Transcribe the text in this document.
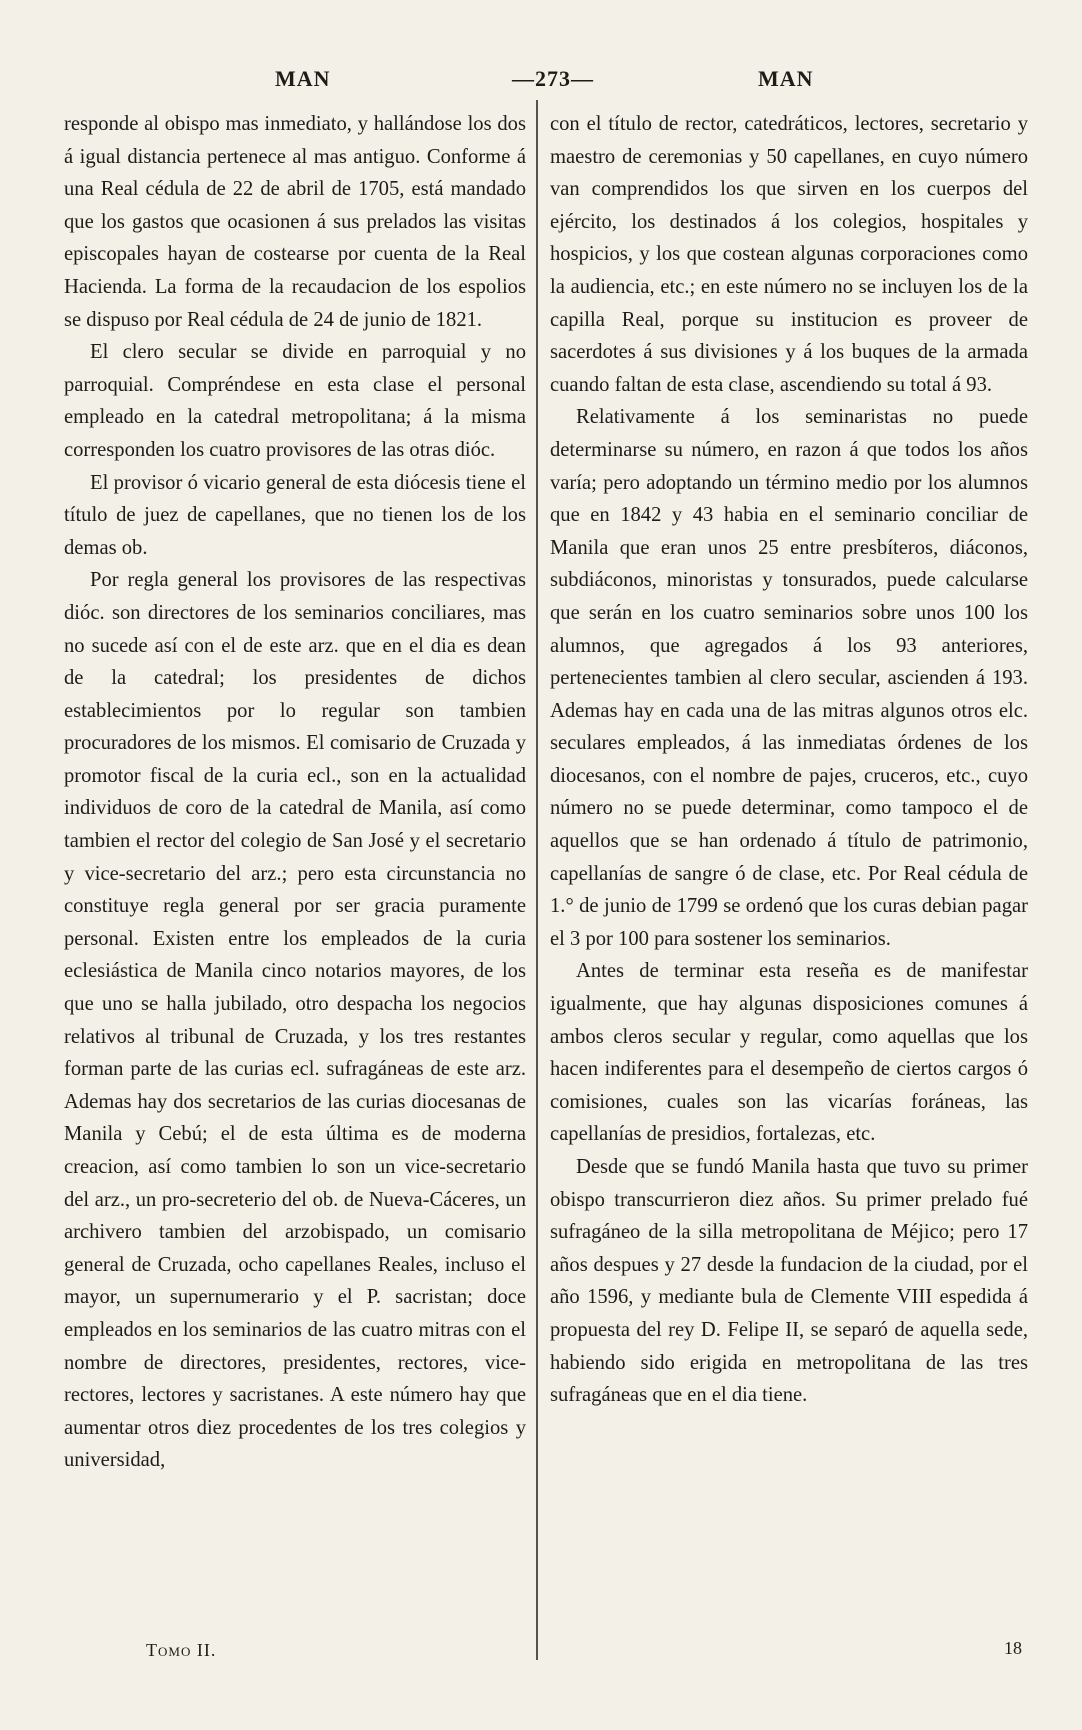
MAN	—273—	MAN

responde al obispo mas inmediato, y hallándose los dos á igual distancia pertenece al mas antiguo. Conforme á una Real cédula de 22 de abril de 1705, está mandado que los gastos que ocasionen á sus prelados las visitas episcopales hayan de costearse por cuenta de la Real Hacienda. La forma de la recaudacion de los espolios se dispuso por Real cédula de 24 de junio de 1821.

El clero secular se divide en parroquial y no parroquial. Compréndese en esta clase el personal empleado en la catedral metropolitana; á la misma corresponden los cuatro provisores de las otras dióc.

El provisor ó vicario general de esta diócesis tiene el título de juez de capellanes, que no tienen los de los demas ob.

Por regla general los provisores de las respectivas dióc. son directores de los seminarios conciliares, mas no sucede así con el de este arz. que en el dia es dean de la catedral; los presidentes de dichos establecimientos por lo regular son tambien procuradores de los mismos. El comisario de Cruzada y promotor fiscal de la curia ecl., son en la actualidad individuos de coro de la catedral de Manila, así como tambien el rector del colegio de San José y el secretario y vice-secretario del arz.; pero esta circunstancia no constituye regla general por ser gracia puramente personal. Existen entre los empleados de la curia eclesiástica de Manila cinco notarios mayores, de los que uno se halla jubilado, otro despacha los negocios relativos al tribunal de Cruzada, y los tres restantes forman parte de las curias ecl. sufragáneas de este arz. Ademas hay dos secretarios de las curias diocesanas de Manila y Cebú; el de esta última es de moderna creacion, así como tambien lo son un vice-secretario del arz., un pro-secreterio del ob. de Nueva-Cáceres, un archivero tambien del arzobispado, un comisario general de Cruzada, ocho capellanes Reales, incluso el mayor, un supernumerario y el P. sacristan; doce empleados en los seminarios de las cuatro mitras con el nombre de directores, presidentes, rectores, vice-rectores, lectores y sacristanes. A este número hay que aumentar otros diez procedentes de los tres colegios y universidad,

con el título de rector, catedráticos, lectores, secretario y maestro de ceremonias y 50 capellanes, en cuyo número van comprendidos los que sirven en los cuerpos del ejército, los destinados á los colegios, hospitales y hospicios, y los que costean algunas corporaciones como la audiencia, etc.; en este número no se incluyen los de la capilla Real, porque su institucion es proveer de sacerdotes á sus divisiones y á los buques de la armada cuando faltan de esta clase, ascendiendo su total á 93.

Relativamente á los seminaristas no puede determinarse su número, en razon á que todos los años varía; pero adoptando un término medio por los alumnos que en 1842 y 43 habia en el seminario conciliar de Manila que eran unos 25 entre presbíteros, diáconos, subdiáconos, minoristas y tonsurados, puede calcularse que serán en los cuatro seminarios sobre unos 100 los alumnos, que agregados á los 93 anteriores, pertenecientes tambien al clero secular, ascienden á 193. Ademas hay en cada una de las mitras algunos otros elc. seculares empleados, á las inmediatas órdenes de los diocesanos, con el nombre de pajes, cruceros, etc., cuyo número no se puede determinar, como tampoco el de aquellos que se han ordenado á título de patrimonio, capellanías de sangre ó de clase, etc. Por Real cédula de 1.° de junio de 1799 se ordenó que los curas debian pagar el 3 por 100 para sostener los seminarios.

Antes de terminar esta reseña es de manifestar igualmente, que hay algunas disposiciones comunes á ambos cleros secular y regular, como aquellas que los hacen indiferentes para el desempeño de ciertos cargos ó comisiones, cuales son las vicarías foráneas, las capellanías de presidios, fortalezas, etc.

Desde que se fundó Manila hasta que tuvo su primer obispo transcurrieron diez años. Su primer prelado fué sufragáneo de la silla metropolitana de Méjico; pero 17 años despues y 27 desde la fundacion de la ciudad, por el año 1596, y mediante bula de Clemente VIII espedida á propuesta del rey D. Felipe II, se separó de aquella sede, habiendo sido erigida en metropolitana de las tres sufragáneas que en el dia tiene.

Tomo II.	18
